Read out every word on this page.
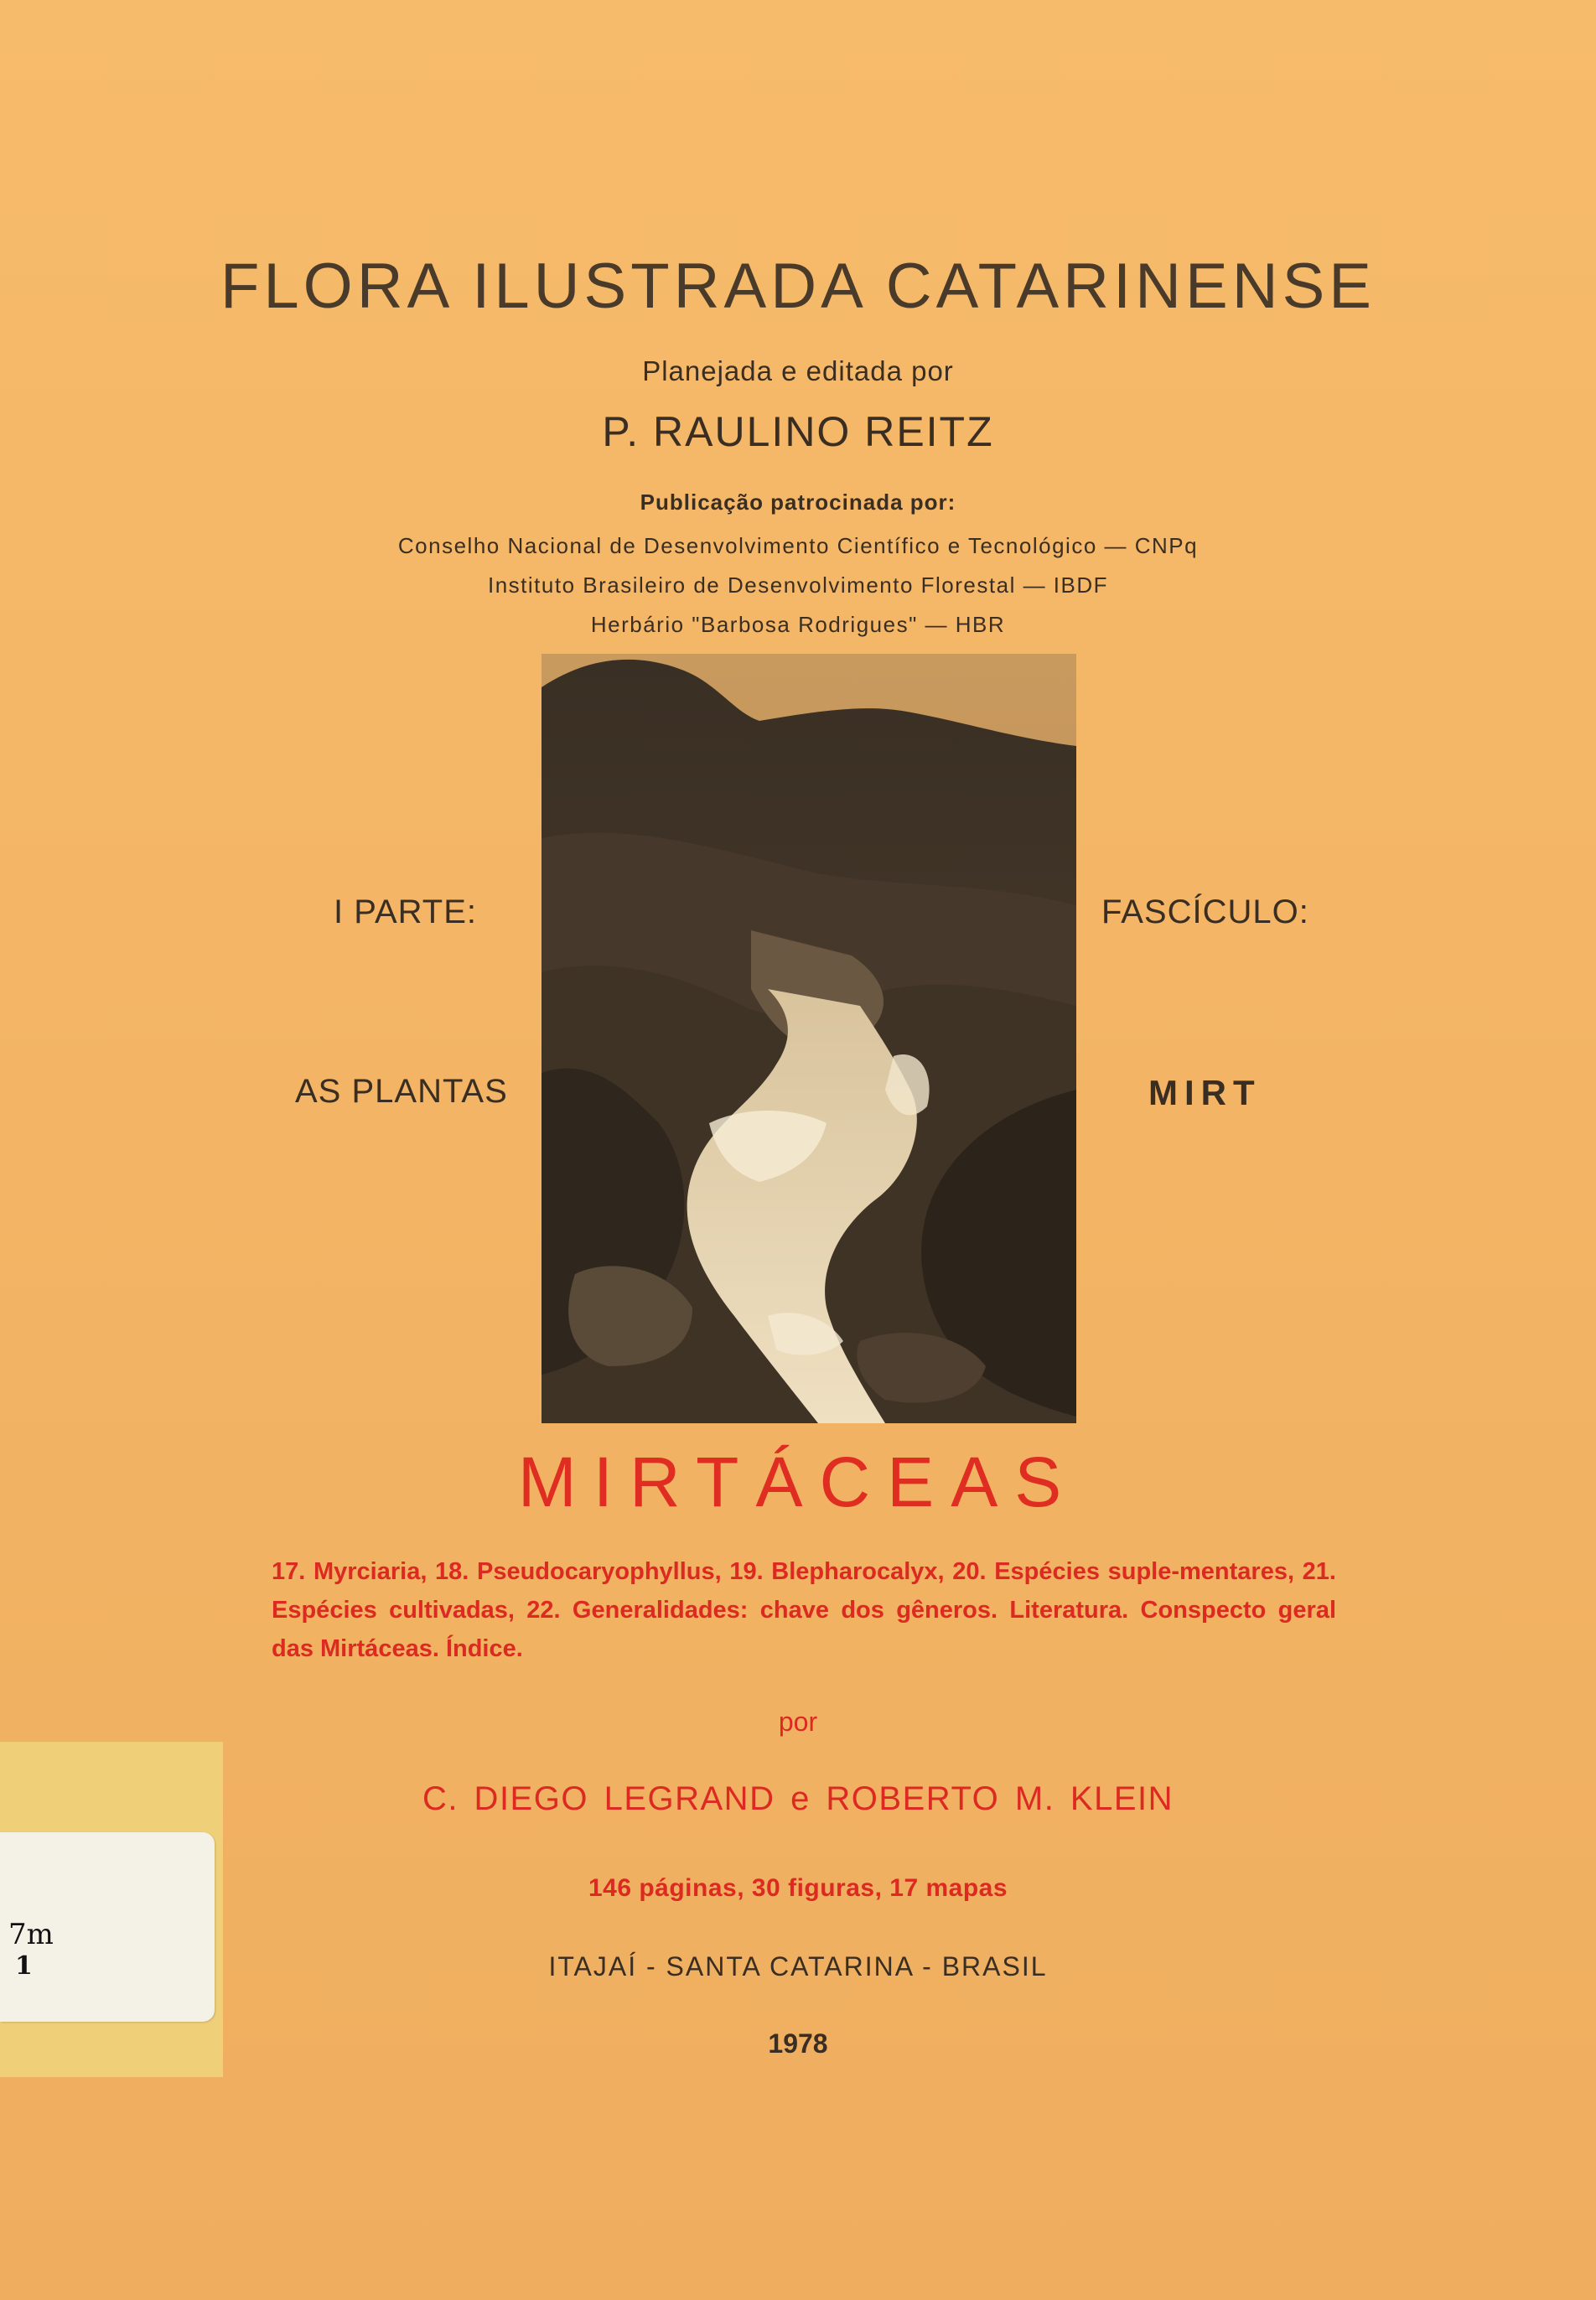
FLORA ILUSTRADA CATARINENSE
Planejada e editada por
P. RAULINO REITZ
Publicação patrocinada por:
Conselho Nacional de Desenvolvimento Científico e Tecnológico — CNPq
Instituto Brasileiro de Desenvolvimento Florestal — IBDF
Herbário "Barbosa Rodrigues" — HBR
I PARTE:
AS PLANTAS
FASCÍCULO:
MIRT
MIRTÁCEAS
17. Myrciaria, 18. Pseudocaryophyllus, 19. Blepharocalyx, 20. Espécies suple-mentares, 21. Espécies cultivadas, 22. Generalidades: chave dos gêneros. Literatura. Conspecto geral das Mirtáceas. Índice.
por
C. DIEGO LEGRAND e ROBERTO M. KLEIN
146 páginas, 30 figuras, 17 mapas
ITAJAÍ - SANTA CATARINA - BRASIL
1978
7m
1
